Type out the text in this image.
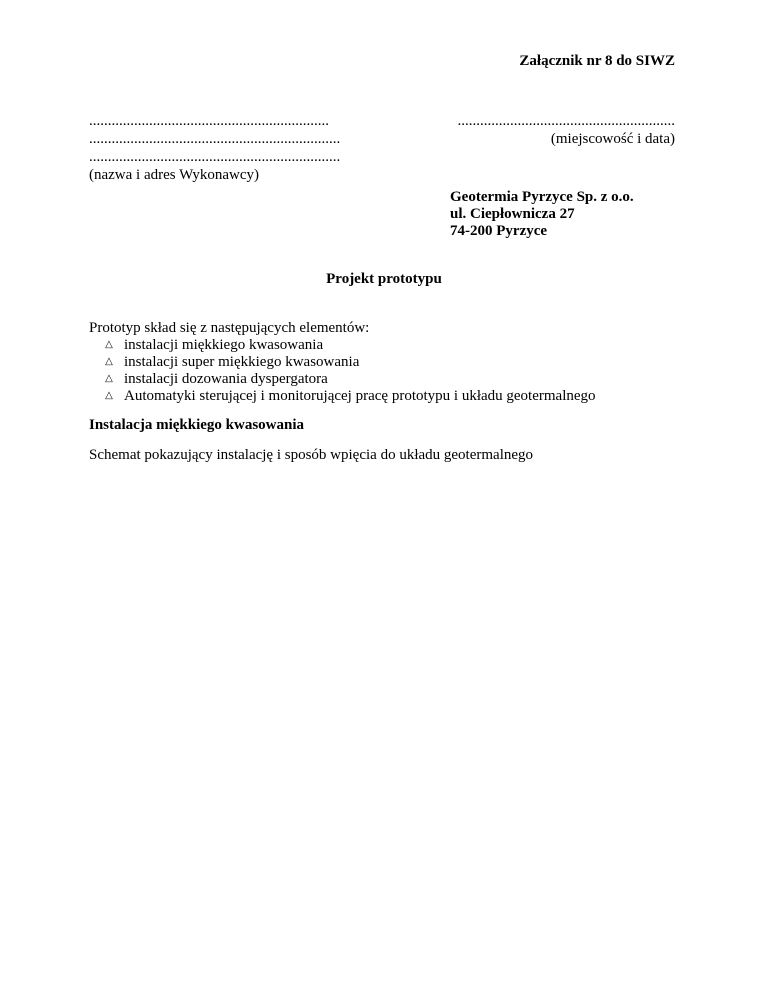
Załącznik nr 8 do SIWZ
................................................................
...................................................................
...................................................................
(nazwa i adres Wykonawcy)
..........................................................
(miejscowość i data)
Geotermia Pyrzyce Sp. z o.o.
ul. Ciepłownicza 27
74-200 Pyrzyce
Projekt prototypu
Prototyp skład się z następujących elementów:
△ instalacji miękkiego kwasowania
△ instalacji super miękkiego kwasowania
△ instalacji dozowania dyspergatora
△ Automatyki sterującej i monitorującej pracę prototypu i układu geotermalnego
Instalacja miękkiego kwasowania
Schemat pokazujący instalację i sposób wpięcia do układu geotermalnego
